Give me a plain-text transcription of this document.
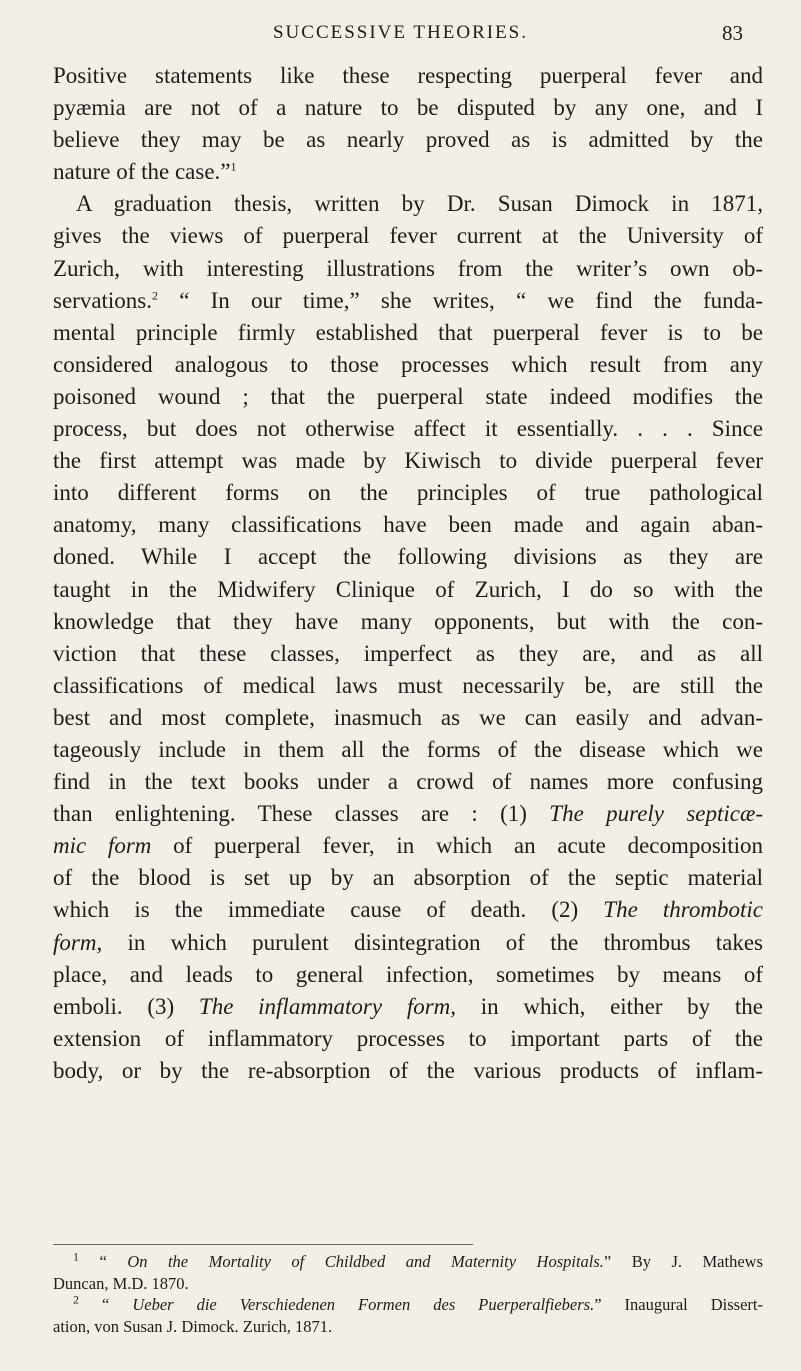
SUCCESSIVE THEORIES.	83
Positive statements like these respecting puerperal fever and
pyæmia are not of a nature to be disputed by any one, and I
believe they may be as nearly proved as is admitted by the
nature of the case.”$^1$
A graduation thesis, written by Dr. Susan Dimock in 1871,
gives the views of puerperal fever current at the University of
Zurich, with interesting illustrations from the writer’s own ob-
servations.$^2$ “ In our time,” she writes, “ we find the funda-
mental principle firmly established that puerperal fever is to be
considered analogous to those processes which result from any
poisoned wound ; that the puerperal state indeed modifies the
process, but does not otherwise affect it essentially. . . . Since
the first attempt was made by Kiwisch to divide puerperal fever
into different forms on the principles of true pathological
anatomy, many classifications have been made and again aban-
doned. While I accept the following divisions as they are
taught in the Midwifery Clinique of Zurich, I do so with the
knowledge that they have many opponents, but with the con-
viction that these classes, imperfect as they are, and as all
classifications of medical laws must necessarily be, are still the
best and most complete, inasmuch as we can easily and advan-
tageously include in them all the forms of the disease which we
find in the text books under a crowd of names more confusing
than enlightening. These classes are : (1) The purely septicæ-
mic form of puerperal fever, in which an acute decomposition
of the blood is set up by an absorption of the septic material
which is the immediate cause of death. (2) The thrombotic
form, in which purulent disintegration of the thrombus takes
place, and leads to general infection, sometimes by means of
emboli. (3) The inflammatory form, in which, either by the
extension of inflammatory processes to important parts of the
body, or by the re-absorption of the various products of inflam-
$^1$ “ On the Mortality of Childbed and Maternity Hospitals.” By J. Mathews
Duncan, M.D. 1870.
$^2$ “ Ueber die Verschiedenen Formen des Puerperalfiebers.” Inaugural Dissert-
ation, von Susan J. Dimock. Zurich, 1871.
